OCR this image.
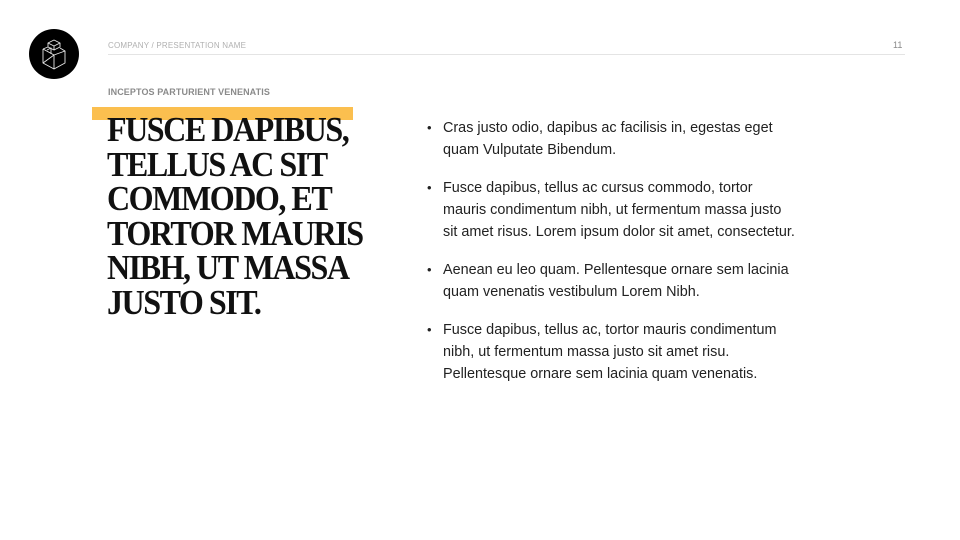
COMPANY / PRESENTATION NAME	11
INCEPTOS PARTURIENT VENENATIS
FUSCE DAPIBUS,
TELLUS AC SIT
COMMODO, ET
TORTOR MAURIS
NIBH, UT MASSA
JUSTO SIT.
• Cras justo odio, dapibus ac facilisis in, egestas eget
quam Vulputate Bibendum.
• Fusce dapibus, tellus ac cursus commodo, tortor
mauris condimentum nibh, ut fermentum massa justo
sit amet risus. Lorem ipsum dolor sit amet, consectetur.
• Aenean eu leo quam. Pellentesque ornare sem lacinia
quam venenatis vestibulum Lorem Nibh.
• Fusce dapibus, tellus ac, tortor mauris condimentum
nibh, ut fermentum massa justo sit amet risu.
Pellentesque ornare sem lacinia quam venenatis.
